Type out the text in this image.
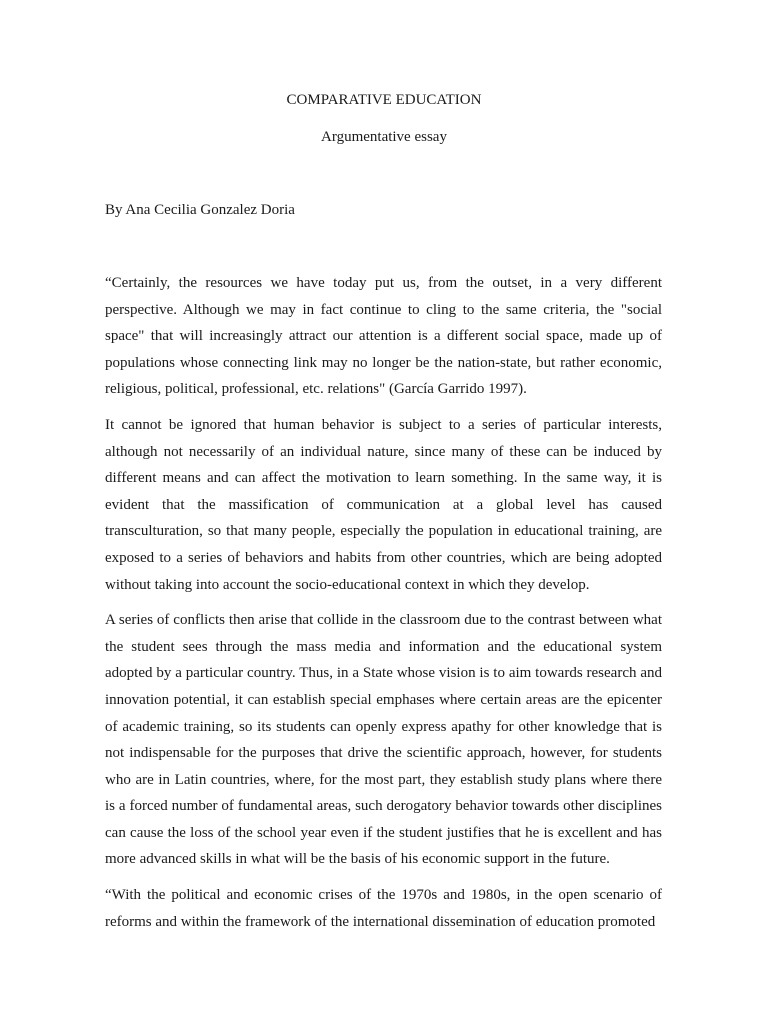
COMPARATIVE EDUCATION
Argumentative essay

By Ana Cecilia Gonzalez Doria

“Certainly, the resources we have today put us, from the outset, in a very different perspective. Although we may in fact continue to cling to the same criteria, the "social space" that will increasingly attract our attention is a different social space, made up of populations whose connecting link may no longer be the nation-state, but rather economic, religious, political, professional, etc. relations" (García Garrido 1997).

It cannot be ignored that human behavior is subject to a series of particular interests, although not necessarily of an individual nature, since many of these can be induced by different means and can affect the motivation to learn something. In the same way, it is evident that the massification of communication at a global level has caused transculturation, so that many people, especially the population in educational training, are exposed to a series of behaviors and habits from other countries, which are being adopted without taking into account the socio-educational context in which they develop.

A series of conflicts then arise that collide in the classroom due to the contrast between what the student sees through the mass media and information and the educational system adopted by a particular country. Thus, in a State whose vision is to aim towards research and innovation potential, it can establish special emphases where certain areas are the epicenter of academic training, so its students can openly express apathy for other knowledge that is not indispensable for the purposes that drive the scientific approach, however, for students who are in Latin countries, where, for the most part, they establish study plans where there is a forced number of fundamental areas, such derogatory behavior towards other disciplines can cause the loss of the school year even if the student justifies that he is excellent and has more advanced skills in what will be the basis of his economic support in the future.

“With the political and economic crises of the 1970s and 1980s, in the open scenario of reforms and within the framework of the international dissemination of education promoted
